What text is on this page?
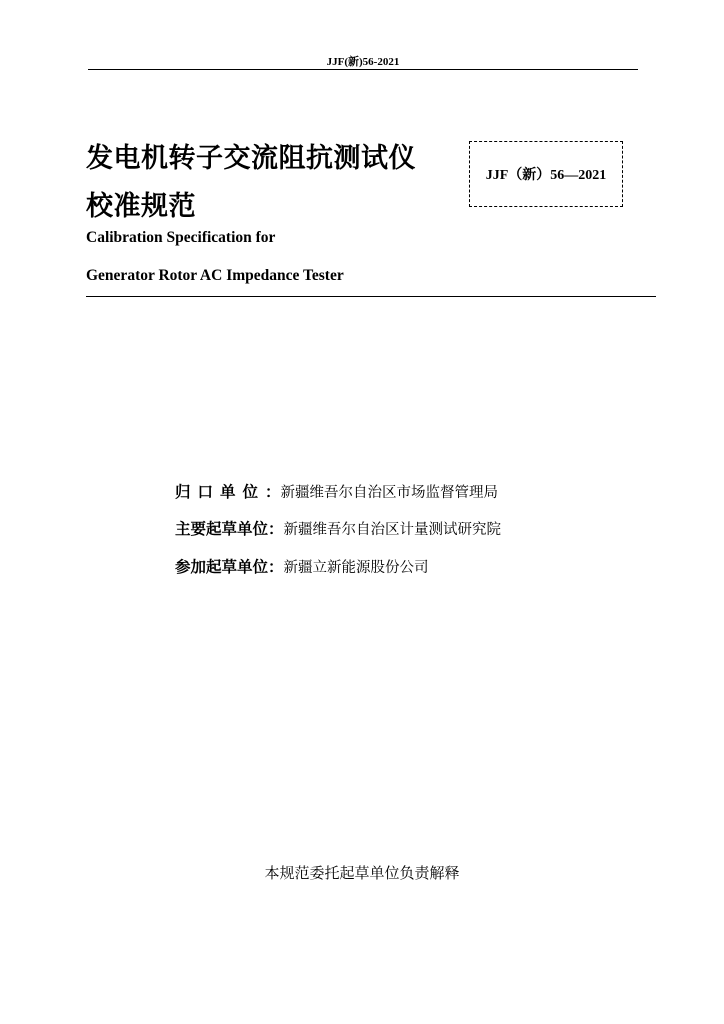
JJF(新)56-2021
发电机转子交流阻抗测试仪
校准规范
JJF（新）56—2021
Calibration Specification for
Generator Rotor AC Impedance Tester
归口单位 ： 新疆维吾尔自治区市场监督管理局
主要起草单位 ： 新疆维吾尔自治区计量测试研究院
参加起草单位 ： 新疆立新能源股份公司
本规范委托起草单位负责解释
